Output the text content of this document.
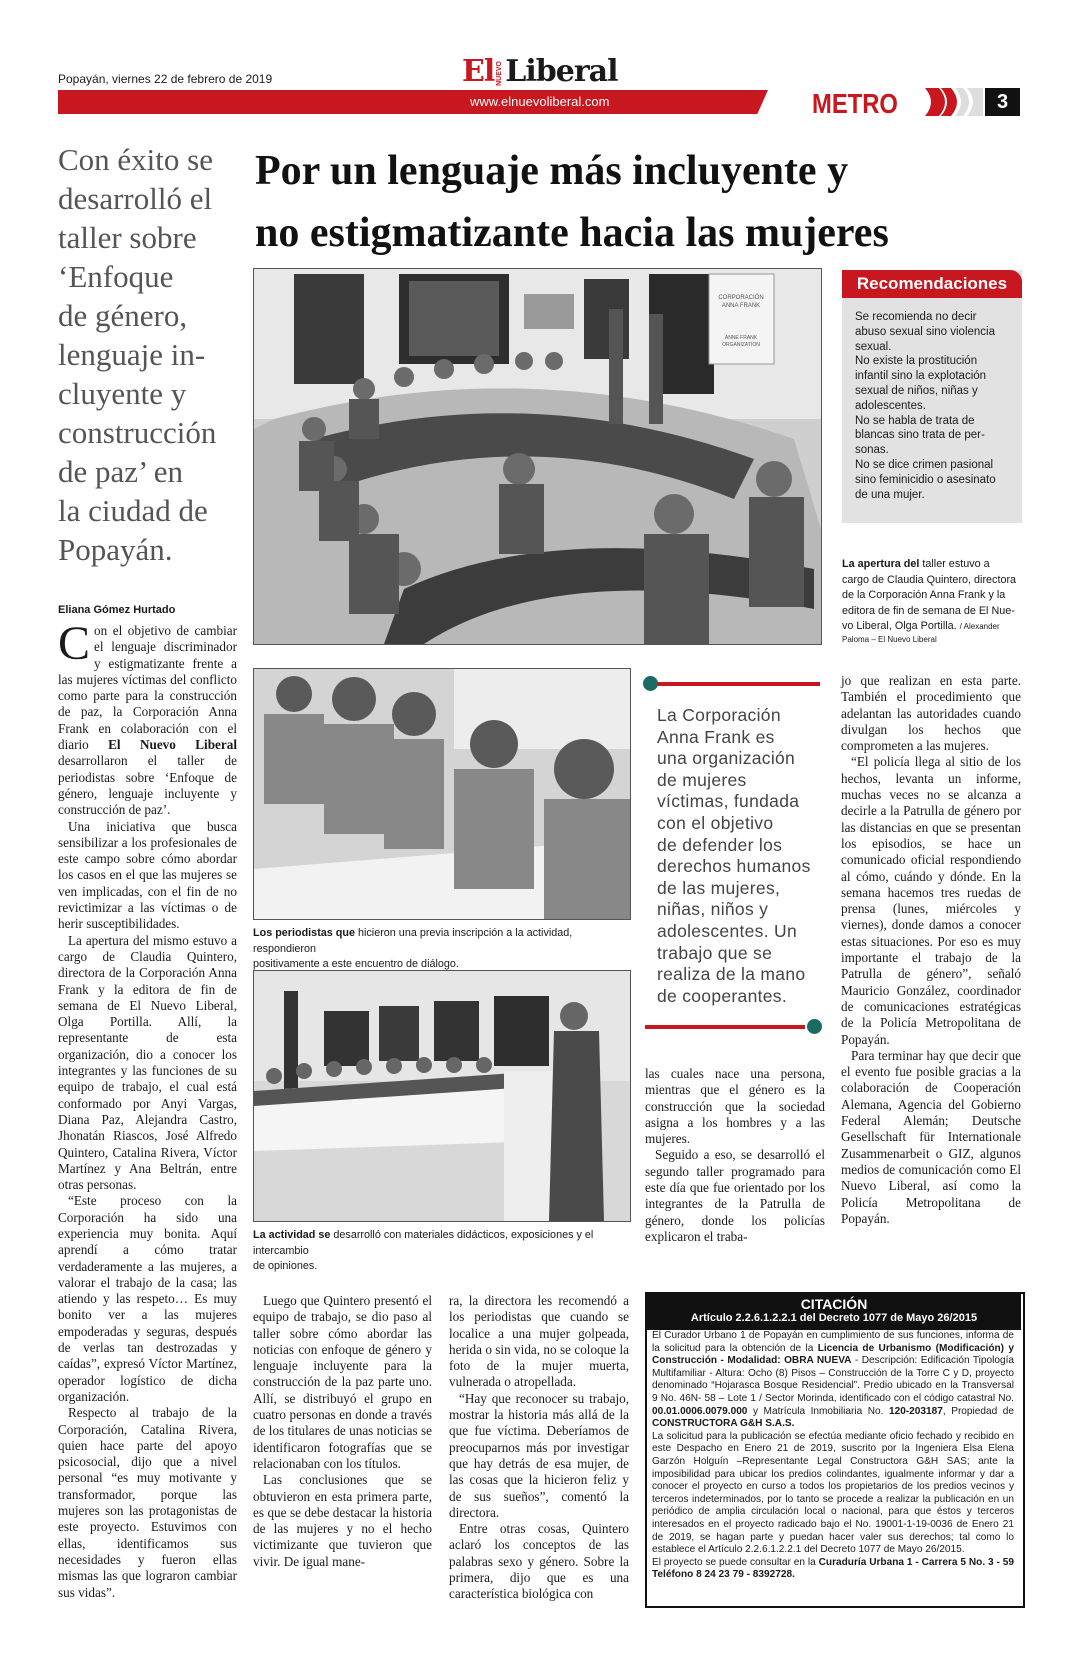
Popayán, viernes 22 de febrero de 2019	El NUEVOLiberal
www.elnuevoliberal.com	METRO	3
Con éxito se
desarrolló el
taller sobre
‘Enfoque
de género,
lenguaje in-
cluyente y
construcción
de paz’ en
la ciudad de
Popayán.
Por un lenguaje más incluyente y
no estigmatizante hacia las mujeres
CORPORACIÓN
ANNA FRANK
ANNE FRANK
ORGANIZATION
Recomendaciones
Se recomienda no decir
abuso sexual sino violencia
sexual.
No existe la prostitución
infantil sino la explotación
sexual de niños, niñas y
adolescentes.
No se habla de trata de
blancas sino trata de per-
sonas.
No se dice crimen pasional
sino feminicidio o asesinato
de una mujer.
La apertura del taller estuvo a
cargo de Claudia Quintero, directora
de la Corporación Anna Frank y la
editora de fin de semana de El Nue-
vo Liberal, Olga Portilla. / Alexander
Paloma – El Nuevo Liberal
Eliana Gómez Hurtado

Con el objetivo de cambiar el lenguaje discriminador y estigmatizante frente a las mujeres víctimas del conflicto como parte para la construcción de paz, la Corporación Anna Frank en colaboración con el diario El Nuevo Liberal desarrollaron el taller de periodistas sobre ‘Enfoque de género, lenguaje incluyente y construcción de paz’.

Una iniciativa que busca sensibilizar a los profesionales de este campo sobre cómo abordar los casos en el que las mujeres se ven implicadas, con el fin de no revictimizar a las víctimas o de herir susceptibilidades.

La apertura del mismo estuvo a cargo de Claudia Quintero, directora de la Corporación Anna Frank y la editora de fin de semana de El Nuevo Liberal, Olga Portilla. Allí, la representante de esta organización, dio a conocer los integrantes y las funciones de su equipo de trabajo, el cual está conformado por Anyi Vargas, Diana Paz, Alejandra Castro, Jhonatán Riascos, José Alfredo Quintero, Catalina Rivera, Víctor Martínez y Ana Beltrán, entre otras personas.

“Este proceso con la Corporación ha sido una experiencia muy bonita. Aquí aprendí a cómo tratar verdaderamente a las mujeres, a valorar el trabajo de la casa; las atiendo y las respeto… Es muy bonito ver a las mujeres empoderadas y seguras, después de verlas tan destrozadas y caídas”, expresó Víctor Martínez, operador logístico de dicha organización.

Respecto al trabajo de la Corporación, Catalina Rivera, quien hace parte del apoyo psicosocial, dijo que a nivel personal “es muy motivante y transformador, porque las mujeres son las protagonistas de este proyecto. Estuvimos con ellas, identificamos sus necesidades y fueron ellas mismas las que lograron cambiar sus vidas”.

Los periodistas que hicieron una previa inscripción a la actividad, respondieron
positivamente a este encuentro de diálogo.
La actividad se desarrolló con materiales didácticos, exposiciones y el intercambio
de opiniones.
La Corporación
Anna Frank es
una organización
de mujeres
víctimas, fundada
con el objetivo
de defender los
derechos humanos
de las mujeres,
niñas, niños y
adolescentes. Un
trabajo que se
realiza de la mano
de cooperantes.

Luego que Quintero presentó el equipo de trabajo, se dio paso al taller sobre cómo abordar las noticias con enfoque de género y lenguaje incluyente para la construcción de la paz parte uno. Allí, se distribuyó el grupo en cuatro personas en donde a través de los titulares de unas noticias se identificaron fotografías que se relacionaban con los títulos.

Las conclusiones que se obtuvieron en esta primera parte, es que se debe destacar la historia de las mujeres y no el hecho victimizante que tuvieron que vivir. De igual mane-

ra, la directora les recomendó a los periodistas que cuando se localice a una mujer golpeada, herida o sin vida, no se coloque la foto de la mujer muerta, vulnerada o atropellada.

“Hay que reconocer su trabajo, mostrar la historia más allá de la que fue víctima. Deberíamos de preocuparnos más por investigar que hay detrás de esa mujer, de las cosas que la hicieron feliz y de sus sueños”, comentó la directora.

Entre otras cosas, Quintero aclaró los conceptos de las palabras sexo y género. Sobre la primera, dijo que es una característica biológica con

las cuales nace una persona, mientras que el género es la construcción que la sociedad asigna a los hombres y a las mujeres.

Seguido a eso, se desarrolló el segundo taller programado para este día que fue orientado por los integrantes de la Patrulla de género, donde los policías explicaron el traba-

jo que realizan en esta parte. También el procedimiento que adelantan las autoridades cuando divulgan los hechos que comprometen a las mujeres.

“El policía llega al sitio de los hechos, levanta un informe, muchas veces no se alcanza a decirle a la Patrulla de género por las distancias en que se presentan los episodios, se hace un comunicado oficial respondiendo al cómo, cuándo y dónde. En la semana hacemos tres ruedas de prensa (lunes, miércoles y viernes), donde damos a conocer estas situaciones. Por eso es muy importante el trabajo de la Patrulla de género”, señaló Mauricio González, coordinador de comunicaciones estratégicas de la Policía Metropolitana de Popayán.

Para terminar hay que decir que el evento fue posible gracias a la colaboración de Cooperación Alemana, Agencia del Gobierno Federal Alemán; Deutsche Gesellschaft für Internationale Zusammenarbeit o GIZ, algunos medios de comunicación como El Nuevo Liberal, así como la Policía Metropolitana de Popayán.

CITACIÓN
Artículo 2.2.6.1.2.2.1 del Decreto 1077 de Mayo 26/2015

El Curador Urbano 1 de Popayán en cumplimiento de sus funciones, informa de la solicitud para la obtención de la Licencia de Urbanismo (Modificación) y Construcción - Modalidad: OBRA NUEVA - Descripción: Edificación Tipología Multifamiliar - Altura: Ocho (8) Pisos – Construcción de la Torre C y D, proyecto denominado “Hojarasca Bosque Residencial”. Predio ubicado en la Transversal 9 No. 46N- 58 – Lote 1 / Sector Morinda, identificado con el código catastral No. 00.01.0006.0079.000 y Matrícula Inmobiliaria No. 120-203187, Propiedad de CONSTRUCTORA G&H S.A.S.

La solicitud para la publicación se efectúa mediante oficio fechado y recibido en este Despacho en Enero 21 de 2019, suscrito por la Ingeniera Elsa Elena Garzón Holguín –Representante Legal Constructora G&H SAS; ante la imposibilidad para ubicar los predios colindantes, igualmente informar y dar a conocer el proyecto en curso a todos los propietarios de los predios vecinos y terceros indeterminados, por lo tanto se procede a realizar la publicación en un periódico de amplia circulación local o nacional, para que éstos y terceros interesados en el proyecto radicado bajo el No. 19001-1-19-0036 de Enero 21 de 2019, se hagan parte y puedan hacer valer sus derechos; tal como lo establece el Artículo 2.2.6.1.2.2.1 del Decreto 1077 de Mayo 26/2015.

El proyecto se puede consultar en la Curaduría Urbana 1 - Carrera 5 No. 3 - 59 Teléfono 8 24 23 79 - 8392728.
